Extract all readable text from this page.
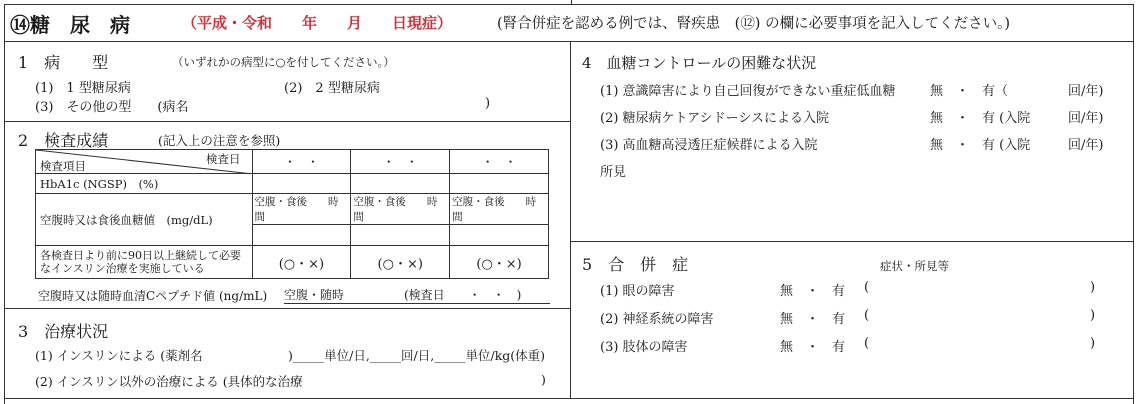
⑭糖　尿　病	（平成・令和　　年　　月　　日現症）	(腎合併症を認める例では、腎疾患　(⑫) の欄に必要事項を記入してください。)
1　病　　型	（いずれかの病型に○を付してください。）
(1)　1 型糖尿病	(2)　2 型糖尿病
(3)　その他の型　　(病名	)
2　検査成績	(記入上の注意を参照)
検査項目 検査日	・　・	・　・	・　・
HbA1c (NGSP)　(%)			
空腹時又は食後血糖値　(mg/dL)	空腹・食後　　時間	空腹・食後　　時間	空腹・食後　　時間

各検査日より前に90日以上継続して必要なインスリン治療を実施している	(○・×)	(○・×)	(○・×)
空腹時又は随時血清Cペプチド値 (ng/mL) 空腹・随時　　　　　(検査日　　・　・　)
3　治療状況
(1) インスリンによる (薬剤名	)_____単位/日,_____回/日,_____単位/kg(体重)
(2) インスリン以外の治療による (具体的な治療	)
4　血糖コントロールの困難な状況
(1) 意識障害により自己回復ができない重症低血糖	無　・　有（	回/年)
(2) 糖尿病ケトアシドーシスによる入院	無　・　有 (入院	回/年)
(3) 高血糖高浸透圧症候群による入院	無　・　有 (入院	回/年)
所見
5　合　併　症	症状・所見等
(1) 眼の障害	無　・　有 (	)
(2) 神経系統の障害	無　・　有 (	)
(3) 肢体の障害	無　・　有 (	)
